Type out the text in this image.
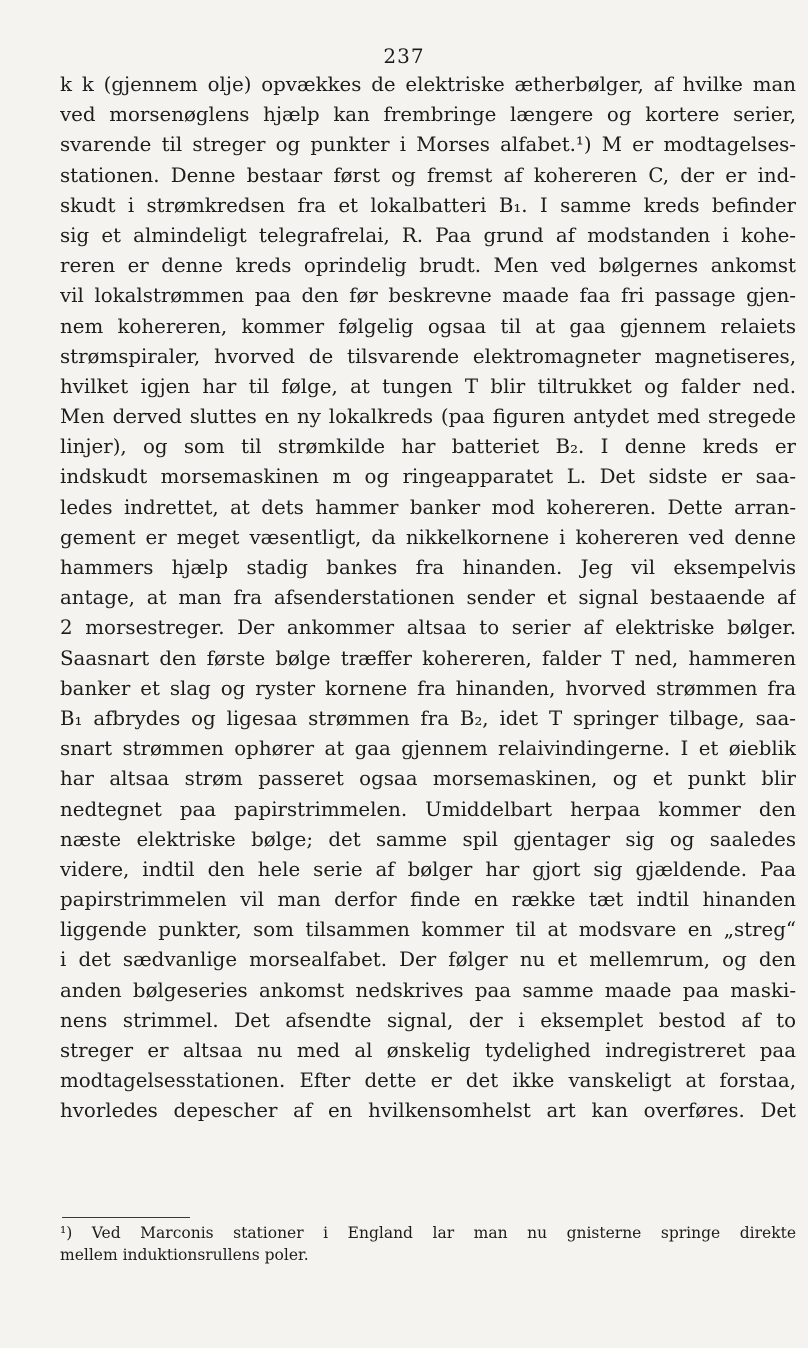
237
k k (gjennem olje) opvækkes de elektriske ætherbølger, af hvilke man
ved morsenøglens hjælp kan frembringe længere og kortere serier,
svarende til streger og punkter i Morses alfabet.¹) M er modtagelses-
stationen. Denne bestaar først og fremst af kohereren C, der er ind-
skudt i strømkredsen fra et lokalbatteri B₁. I samme kreds befinder
sig et almindeligt telegrafrelai, R. Paa grund af modstanden i kohe-
reren er denne kreds oprindelig brudt. Men ved bølgernes ankomst
vil lokalstrømmen paa den før beskrevne maade faa fri passage gjen-
nem kohereren, kommer følgelig ogsaa til at gaa gjennem relaiets
strømspiraler, hvorved de tilsvarende elektromagneter magnetiseres,
hvilket igjen har til følge, at tungen T blir tiltrukket og falder ned.
Men derved sluttes en ny lokalkreds (paa figuren antydet med stregede
linjer), og som til strømkilde har batteriet B₂. I denne kreds er
indskudt morsemaskinen m og ringeapparatet L. Det sidste er saa-
ledes indrettet, at dets hammer banker mod kohereren. Dette arran-
gement er meget væsentligt, da nikkelkornene i kohereren ved denne
hammers hjælp stadig bankes fra hinanden. Jeg vil eksempelvis
antage, at man fra afsenderstationen sender et signal bestaaende af
2 morsestreger. Der ankommer altsaa to serier af elektriske bølger.
Saasnart den første bølge træffer kohereren, falder T ned, hammeren
banker et slag og ryster kornene fra hinanden, hvorved strømmen fra
B₁ afbrydes og ligesaa strømmen fra B₂, idet T springer tilbage, saa-
snart strømmen ophører at gaa gjennem relaivindingerne. I et øieblik
har altsaa strøm passeret ogsaa morsemaskinen, og et punkt blir
nedtegnet paa papirstrimmelen. Umiddelbart herpaa kommer den
næste elektriske bølge; det samme spil gjentager sig og saaledes
videre, indtil den hele serie af bølger har gjort sig gjældende. Paa
papirstrimmelen vil man derfor finde en række tæt indtil hinanden
liggende punkter, som tilsammen kommer til at modsvare en „streg“
i det sædvanlige morsealfabet. Der følger nu et mellemrum, og den
anden bølgeseries ankomst nedskrives paa samme maade paa maski-
nens strimmel. Det afsendte signal, der i eksemplet bestod af to
streger er altsaa nu med al ønskelig tydelighed indregistreret paa
modtagelsesstationen. Efter dette er det ikke vanskeligt at forstaa,
hvorledes depescher af en hvilkensomhelst art kan overføres. Det
¹) Ved Marconis stationer i England lar man nu gnisterne springe direkte
mellem induktionsrullens poler.
